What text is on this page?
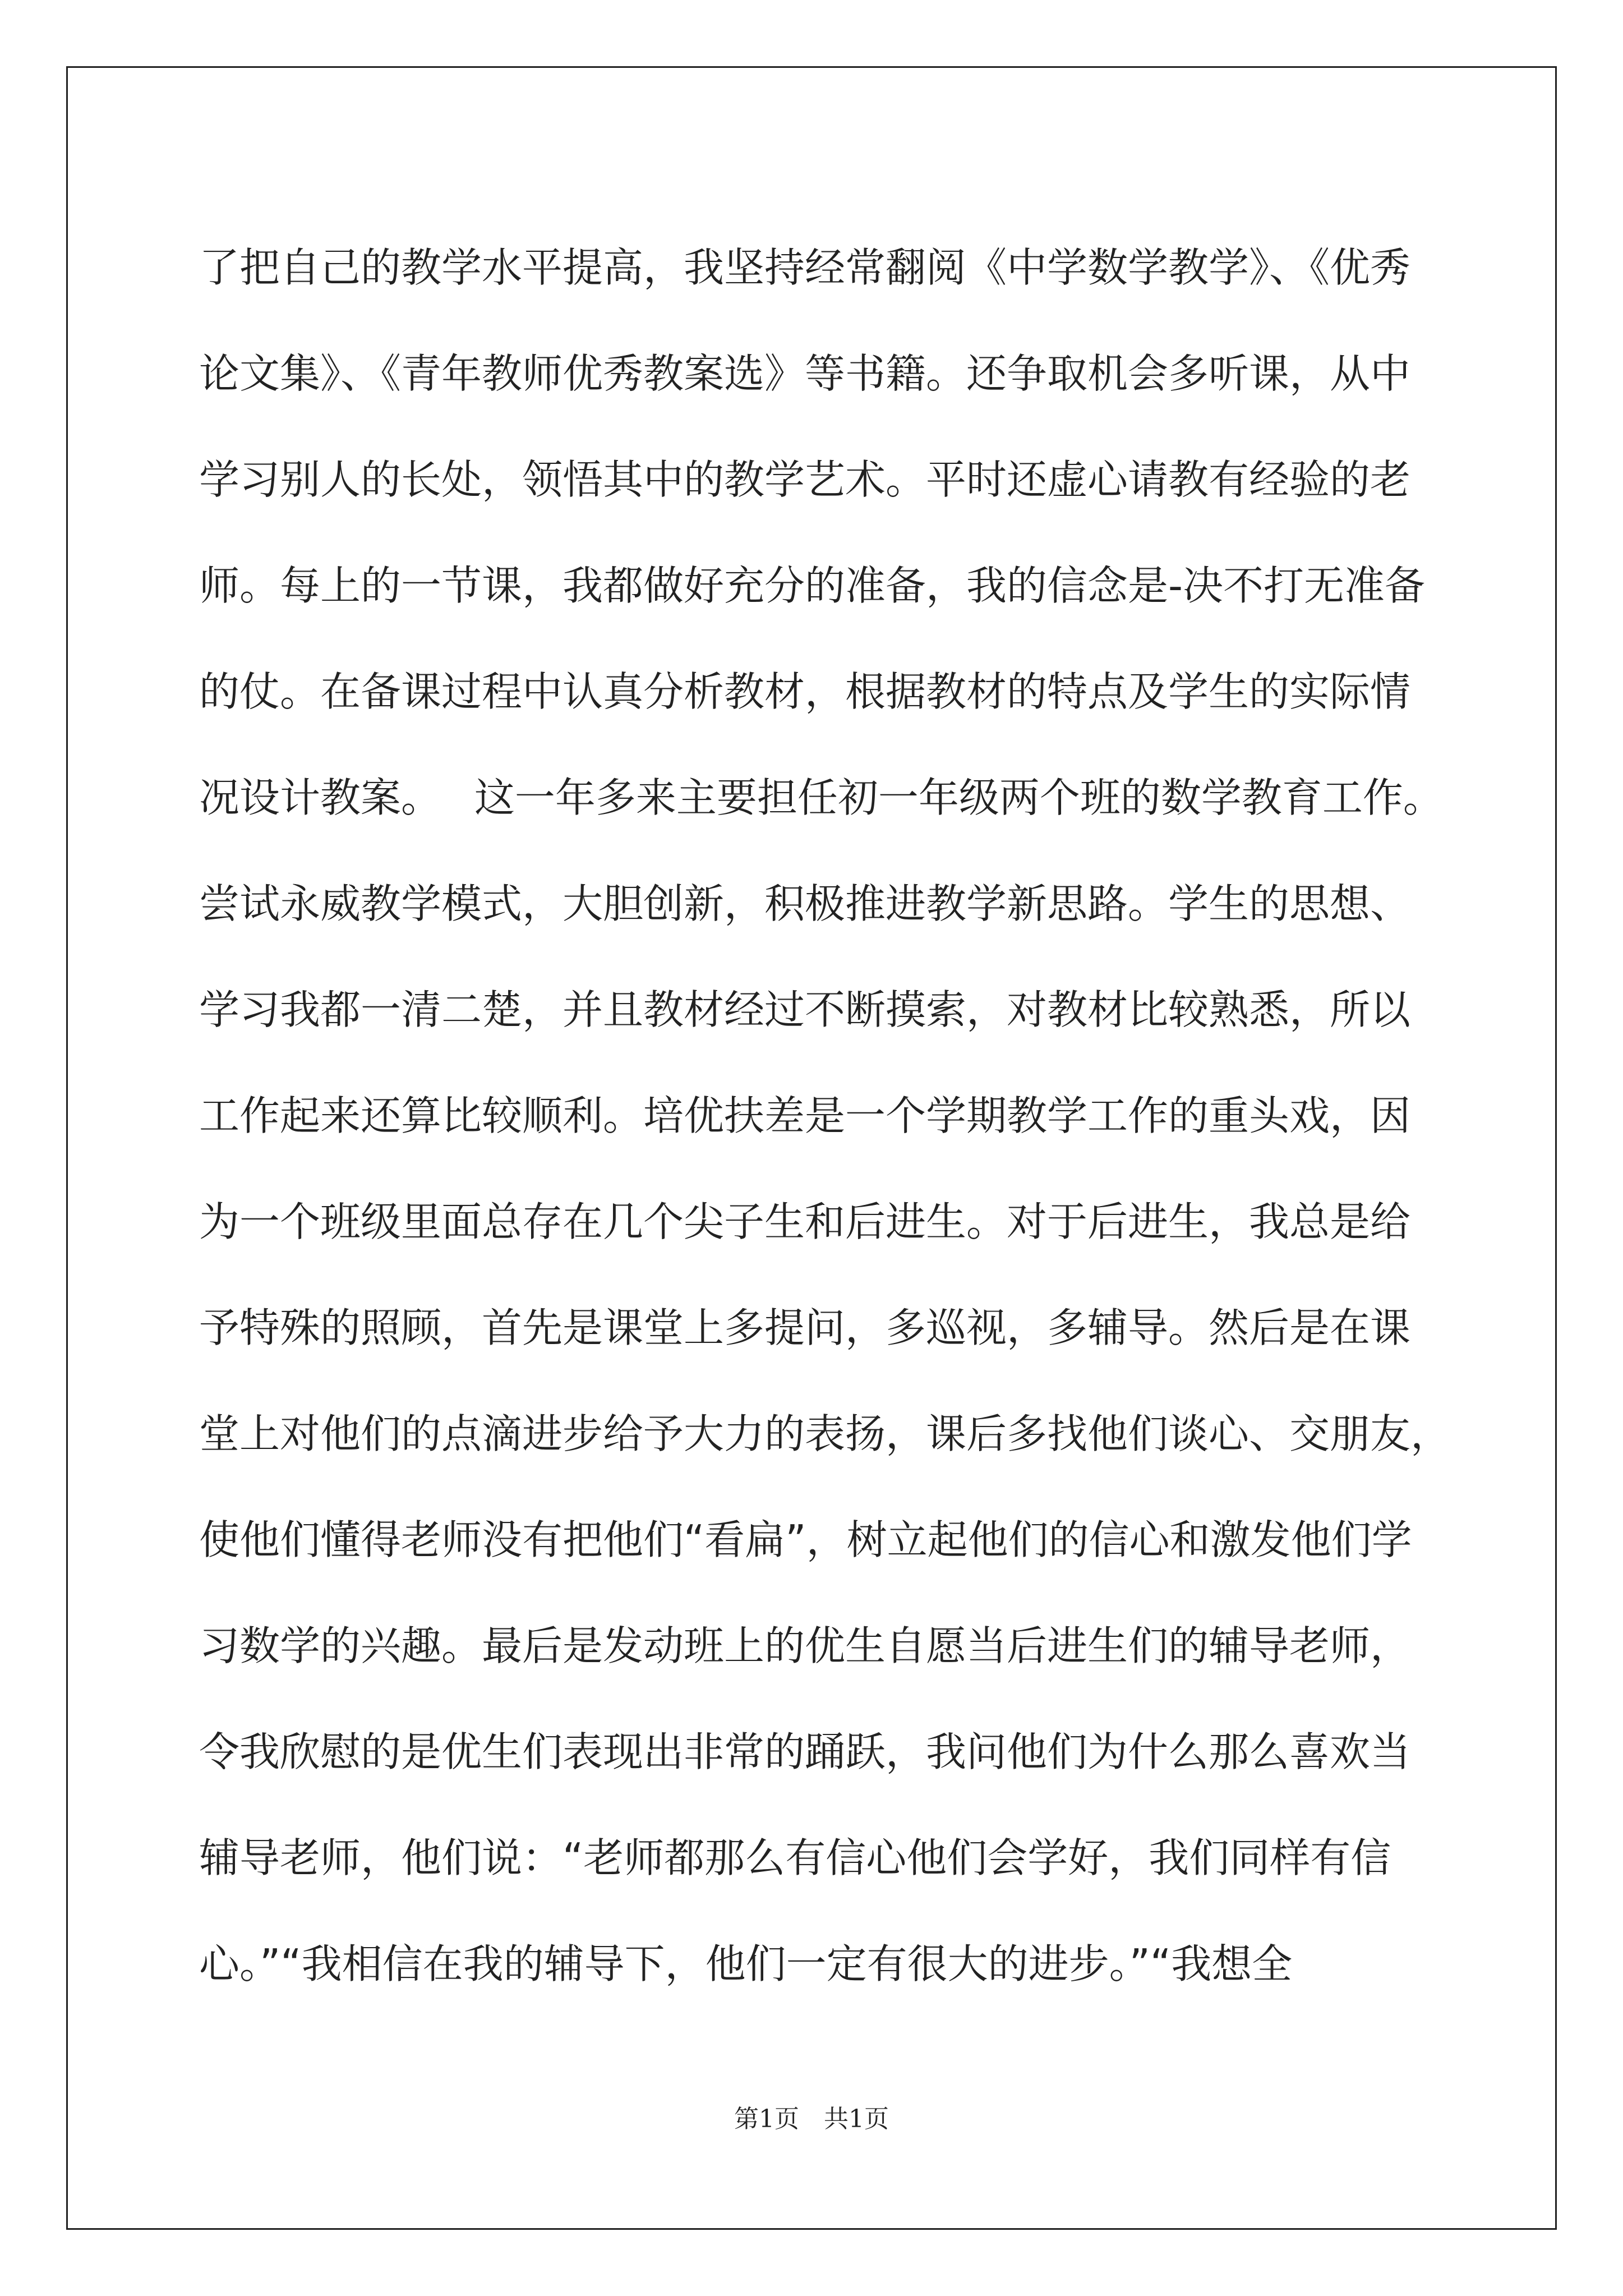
了把自己的教学水平提高，我坚持经常翻阅《中学数学教学》、《优秀
论文集》、《青年教师优秀教案选》等书籍。还争取机会多听课，从中
学习别人的长处，领悟其中的教学艺术。平时还虚心请教有经验的老
师。每上的一节课，我都做好充分的准备，我的信念是-决不打无准备
的仗。在备课过程中认真分析教材，根据教材的特点及学生的实际情
况设计教案。　 这一年多来主要担任初一年级两个班的数学教育工作。
尝试永威教学模式，大胆创新，积极推进教学新思路。学生的思想、
学习我都一清二楚，并且教材经过不断摸索，对教材比较熟悉，所以
工作起来还算比较顺利。培优扶差是一个学期教学工作的重头戏，因
为一个班级里面总存在几个尖子生和后进生。对于后进生，我总是给
予特殊的照顾，首先是课堂上多提问，多巡视，多辅导。然后是在课
堂上对他们的点滴进步给予大力的表扬，课后多找他们谈心、交朋友，
使他们懂得老师没有把他们“看扁”，树立起他们的信心和激发他们学
习数学的兴趣。最后是发动班上的优生自愿当后进生们的辅导老师，
令我欣慰的是优生们表现出非常的踊跃，我问他们为什么那么喜欢当
辅导老师，他们说：“老师都那么有信心他们会学好，我们同样有信
心。”“我相信在我的辅导下，他们一定有很大的进步。”“我想全
第1页　共1页
